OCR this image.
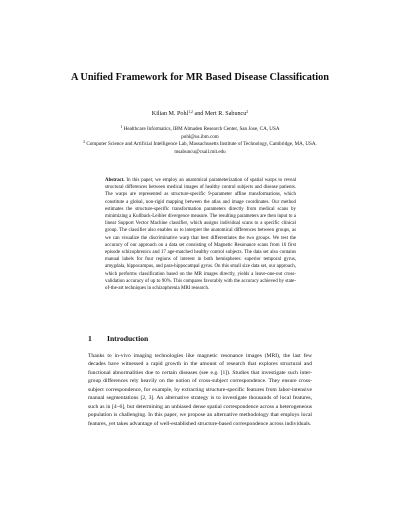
A Unified Framework for MR Based Disease Classification
Kilian M. Pohl$^{1,2}$ and Mert R. Sabuncu$^2$
$^1$ Healthcare Informatics, IBM Almaden Research Center, San Jose, CA, USA
pohl@us.ibm.com
$^2$ Computer Science and Artificial Intelligence Lab, Massachusetts Institute of Technology, Cambridge, MA, USA.
msabuncu@csail.mit.edu
Abstract. In this paper, we employ an anatomical parameterization of spatial warps to reveal structural differences between medical images of healthy control subjects and disease patients. The warps are represented as structure-specific 9-parameter affine transformations, which constitute a global, non-rigid mapping between the atlas and image coordinates. Our method estimates the structure-specific transformation parameters directly from medical scans by minimizing a Kullback-Leibler divergence measure. The resulting parameters are then input to a linear Support Vector Machine classifier, which assigns individual scans to a specific clinical group. The classifier also enables us to interpret the anatomical differences between groups, as we can visualize the discriminative warp that best differentiates the two groups. We test the accuracy of our approach on a data set consisting of Magnetic Resonance scans from 16 first episode schizophrenics and 17 age-matched healthy control subjects. The data set also contains manual labels for four regions of interest in both hemispheres: superior temporal gyrus, amygdala, hippocampus, and para-hippocampal gyrus. On this small size data set, our approach, which performs classification based on the MR images directly, yields a leave-one-out cross-validation accuracy of up to 90%. This compares favorably with the accuracy achieved by state-of-the-art techniques in schizophrenia MRI research.
1 Introduction
Thanks to in-vivo imaging technologies like magnetic resonance images (MRI), the last few decades have witnessed a rapid growth in the amount of research that explores structural and functional abnormalities due to certain diseases (see e.g. [1]). Studies that investigate such inter-group differences rely heavily on the notion of cross-subject correspondence. They ensure cross-subject correspondence, for example, by extracting structure-specific features from labor-intensive manual segmentations [2, 3]. An alternative strategy is to investigate thousands of local features, such as in [4–6], but determining an unbiased dense spatial correspondence across a heterogeneous population is challenging. In this paper, we propose an alternative methodology that employs local features, yet takes advantage of well-established structure-based correspondence across individuals.
